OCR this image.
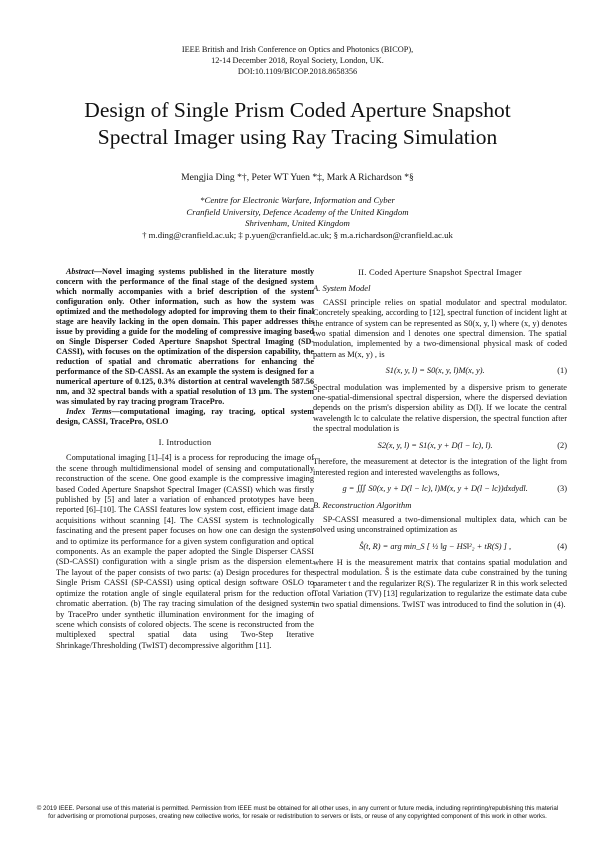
IEEE British and Irish Conference on Optics and Photonics (BICOP),
12-14 December 2018, Royal Society, London, UK.
DOI:10.1109/BICOP.2018.8658356
Design of Single Prism Coded Aperture Snapshot
Spectral Imager using Ray Tracing Simulation
Mengjia Ding *†, Peter WT Yuen *‡, Mark A Richardson *§
*Centre for Electronic Warfare, Information and Cyber
Cranfield University, Defence Academy of the United Kingdom
Shrivenham, United Kingdom
† m.ding@cranfield.ac.uk; ‡ p.yuen@cranfield.ac.uk; § m.a.richardson@cranfield.ac.uk

Abstract—Novel imaging systems published in the literature mostly concern with the performance of the final stage of the designed system which normally accompanies with a brief description of the system configuration only. Other information, such as how the system was optimized and the methodology adopted for improving them to their final stage are heavily lacking in the open domain. This paper addresses this issue by providing a guide for the modeling of compressive imaging based on Single Disperser Coded Aperture Snapshot Spectral Imaging (SD-CASSI), with focuses on the optimization of the dispersion capability, the reduction of spatial and chromatic aberrations for enhancing the performance of the SD-CASSI. As an example the system is designed for a numerical aperture of 0.125, 0.3% distortion at central wavelength 587.56 nm, and 32 spectral bands with a spatial resolution of 13 μm. The system was simulated by ray tracing program TracePro.

Index Terms—computational imaging, ray tracing, optical system design, CASSI, TracePro, OSLO

I. Introduction

Computational imaging [1]–[4] is a process for reproducing the image of the scene through multidimensional model of sensing and computationally reconstruction of the scene. One good example is the compressive imaging based Coded Aperture Snapshot Spectral Imager (CASSI) which was firstly published by [5] and later a variation of enhanced prototypes have been reported [6]–[10]. The CASSI features low system cost, efficient image data acquisitions without scanning [4]. The CASSI system is technologically fascinating and the present paper focuses on how one can design the system and to optimize its performance for a given system configuration and optical components. As an example the paper adopted the Single Disperser CASSI (SD-CASSI) configuration with a single prism as the dispersion element. The layout of the paper consists of two parts: (a) Design procedures for the Single Prism CASSI (SP-CASSI) using optical design software OSLO to optimize the rotation angle of single equilateral prism for the reduction of chromatic aberration. (b) The ray tracing simulation of the designed system by TracePro under synthetic illumination environment for the imaging of scene which consists of colored objects. The scene is reconstructed from the multiplexed spectral spatial data using Two-Step Iterative Shrinkage/Thresholding (TwIST) decompressive algorithm [11].

II. Coded Aperture Snapshot Spectral Imager
A. System Model

CASSI principle relies on spatial modulator and spectral modulator. Concretely speaking, according to [12], spectral function of incident light at the entrance of system can be represented as S0(x, y, l) where (x, y) denotes two spatial dimension and l denotes one spectral dimension. The spatial modulation, implemented by a two-dimensional physical mask of coded pattern as M(x, y) , is

S1(x, y, l) = S0(x, y, l)M(x, y).	(1)

Spectral modulation was implemented by a dispersive prism to generate one-spatial-dimensional spectral dispersion, where the dispersed deviation depends on the prism's dispersion ability as D(l). If we locate the central wavelength lc to calculate the relative dispersion, the spectral function after the spectral modulation is

S2(x, y, l) = S1(x, y + D(l − lc), l).	(2)

Therefore, the measurement at detector is the integration of the light from interested region and interested wavelengths as follows,

g = ∭ S0(x, y + D(l − lc), l)M(x, y + D(l − lc))dxdydl.	(3)
B. Reconstruction Algorithm

SP-CASSI measured a two-dimensional multiplex data, which can be solved using unconstrained optimization as

Ŝ(t, R) = arg min_S [ ½ ‖g − HS‖²₂ + tR(S) ] ,	(4)

where H is the measurement matrix that contains spatial modulation and spectral modulation. Ŝ is the estimate data cube constrained by the tuning parameter t and the regularizer R(S). The regularizer R in this work selected Total Variation (TV) [13] regularization to regularize the estimate data cube in two spatial dimensions. TwIST was introduced to find the solution in (4).

© 2019 IEEE. Personal use of this material is permitted. Permission from IEEE must be obtained for all other uses, in any current or future media, including reprinting/republishing this material
for advertising or promotional purposes, creating new collective works, for resale or redistribution to servers or lists, or reuse of any copyrighted component of this work in other works.
